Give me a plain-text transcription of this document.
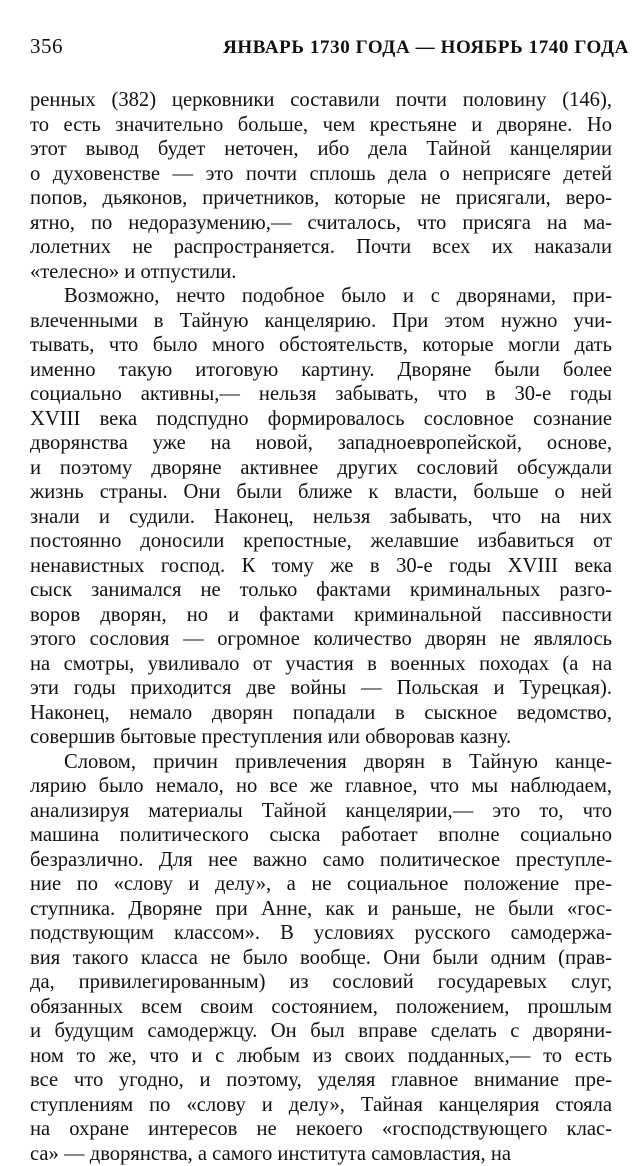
356	ЯНВАРЬ 1730 ГОДА — НОЯБРЬ 1740 ГОДА
ренных (382) церковники составили почти половину (146),
то есть значительно больше, чем крестьяне и дворяне. Но
этот вывод будет неточен, ибо дела Тайной канцелярии
о духовенстве — это почти сплошь дела о неприсяге детей
попов, дьяконов, причетников, которые не присягали, веро-
ятно, по недоразумению,— считалось, что присяга на ма-
лолетних не распространяется. Почти всех их наказали
«телесно» и отпустили.
Возможно, нечто подобное было и с дворянами, при-
влеченными в Тайную канцелярию. При этом нужно учи-
тывать, что было много обстоятельств, которые могли дать
именно такую итоговую картину. Дворяне были более
социально активны,— нельзя забывать, что в 30-е годы
XVIII века подспудно формировалось сословное сознание
дворянства уже на новой, западноевропейской, основе,
и поэтому дворяне активнее других сословий обсуждали
жизнь страны. Они были ближе к власти, больше о ней
знали и судили. Наконец, нельзя забывать, что на них
постоянно доносили крепостные, желавшие избавиться от
ненавистных господ. К тому же в 30-е годы XVIII века
сыск занимался не только фактами криминальных разго-
воров дворян, но и фактами криминальной пассивности
этого сословия — огромное количество дворян не являлось
на смотры, увиливало от участия в военных походах (а на
эти годы приходится две войны — Польская и Турецкая).
Наконец, немало дворян попадали в сыскное ведомство,
совершив бытовые преступления или обворовав казну.
Словом, причин привлечения дворян в Тайную канце-
лярию было немало, но все же главное, что мы наблюдаем,
анализируя материалы Тайной канцелярии,— это то, что
машина политического сыска работает вполне социально
безразлично. Для нее важно само политическое преступле-
ние по «слову и делу», а не социальное положение пре-
ступника. Дворяне при Анне, как и раньше, не были «гос-
подствующим классом». В условиях русского самодержа-
вия такого класса не было вообще. Они были одним (прав-
да, привилегированным) из сословий государевых слуг,
обязанных всем своим состоянием, положением, прошлым
и будущим самодержцу. Он был вправе сделать с дворяни-
ном то же, что и с любым из своих подданных,— то есть
все что угодно, и поэтому, уделяя главное внимание пре-
ступлениям по «слову и делу», Тайная канцелярия стояла
на охране интересов не некоего «господствующего клас-
са» — дворянства, а самого института самовластия, на
